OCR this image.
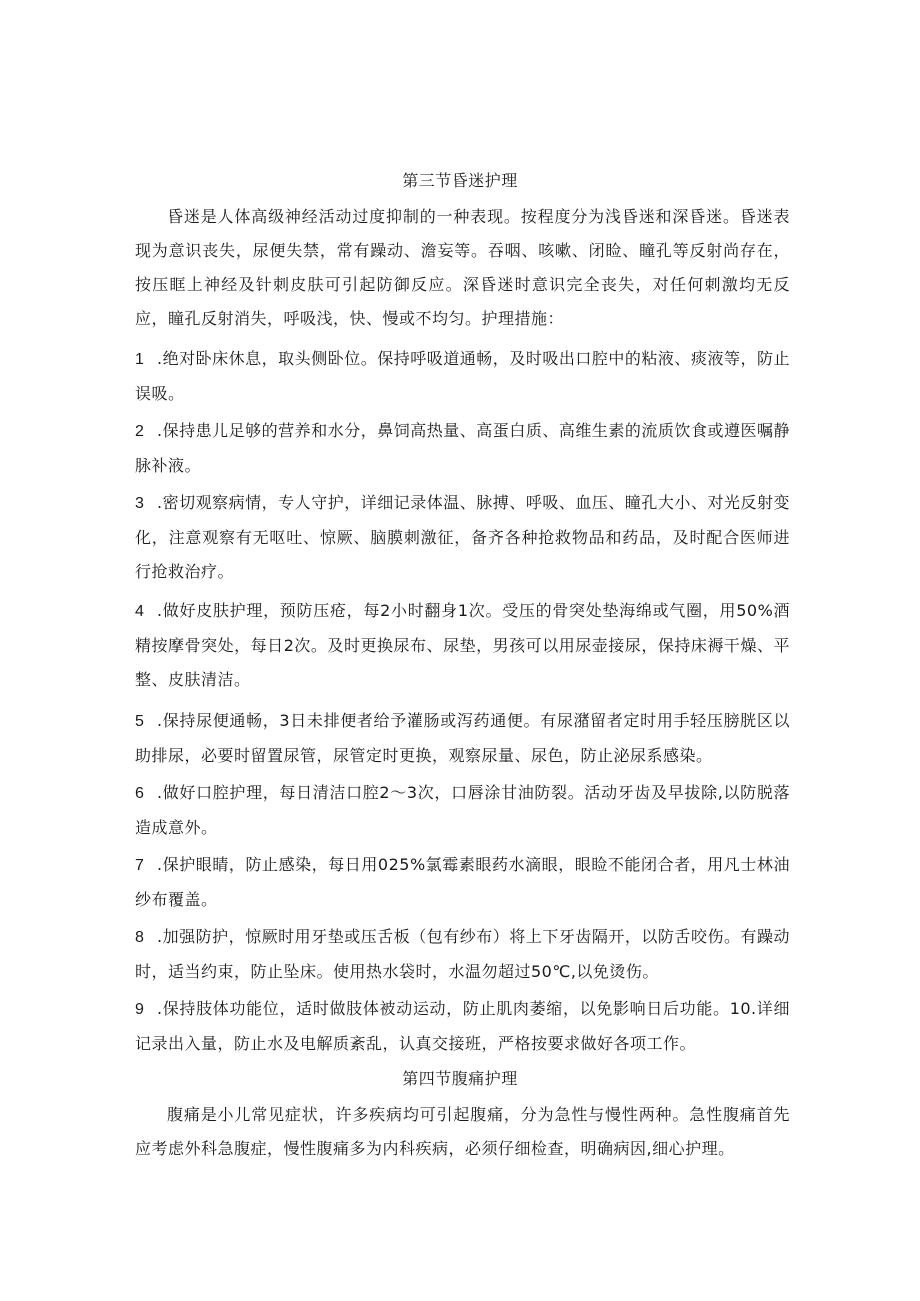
第三节昏迷护理
昏迷是人体高级神经活动过度抑制的一种表现。按程度分为浅昏迷和深昏迷。昏迷表现为意识丧失，尿便失禁，常有躁动、澹妄等。吞咽、咳嗽、闭睑、瞳孔等反射尚存在，按压眶上神经及针刺皮肤可引起防御反应。深昏迷时意识完全丧失，对任何刺激均无反应，瞳孔反射消失，呼吸浅，快、慢或不均匀。护理措施：
1 .绝对卧床休息，取头侧卧位。保持呼吸道通畅，及时吸出口腔中的粘液、痰液等，防止误吸。
2 .保持患儿足够的营养和水分，鼻饲高热量、高蛋白质、高维生素的流质饮食或遵医嘱静脉补液。
3 .密切观察病情，专人守护，详细记录体温、脉搏、呼吸、血压、瞳孔大小、对光反射变化，注意观察有无呕吐、惊厥、脑膜刺激征，备齐各种抢救物品和药品，及时配合医师进行抢救治疗。
4 .做好皮肤护理，预防压疮，每2小时翻身1次。受压的骨突处垫海绵或气圈，用50%酒精按摩骨突处，每日2次。及时更换尿布、尿垫，男孩可以用尿壶接尿，保持床褥干燥、平整、皮肤清洁。
5 .保持尿便通畅，3日未排便者给予灌肠或泻药通便。有尿潴留者定时用手轻压膀胱区以助排尿，必要时留置尿管，尿管定时更换，观察尿量、尿色，防止泌尿系感染。
6 .做好口腔护理，每日清洁口腔2～3次，口唇涂甘油防裂。活动牙齿及早拔除,以防脱落造成意外。
7 .保护眼睛，防止感染，每日用025%氯霉素眼药水滴眼，眼睑不能闭合者，用凡士林油纱布覆盖。
8 .加强防护，惊厥时用牙垫或压舌板（包有纱布）将上下牙齿隔开，以防舌咬伤。有躁动时，适当约束，防止坠床。使用热水袋时，水温勿超过50℃,以免烫伤。
9 .保持肢体功能位，适时做肢体被动运动，防止肌肉萎缩，以免影响日后功能。10.详细记录出入量，防止水及电解质紊乱，认真交接班，严格按要求做好各项工作。
第四节腹痛护理
腹痛是小儿常见症状，许多疾病均可引起腹痛，分为急性与慢性两种。急性腹痛首先应考虑外科急腹症，慢性腹痛多为内科疾病，必须仔细检查，明确病因,细心护理。
